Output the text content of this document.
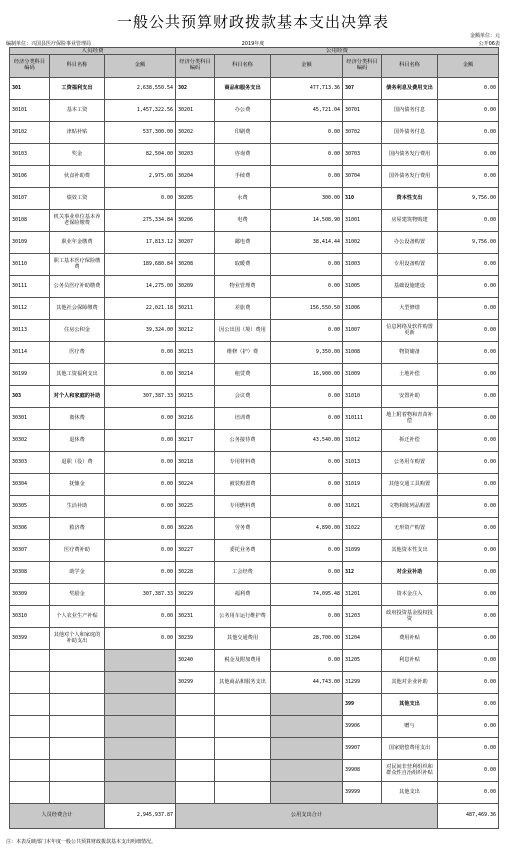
一般公共预算财政拨款基本支出决算表
金额单位：元
编制单位：兴国县医疗保险事业管理局	2019年度	公开06表
人员经费			公用经费					
经济分类科目编码	科目名称	金额	经济分类科目编码	科目名称	金额	经济分类科目编码	科目名称	金额
301	工资福利支出	2,638,550.54	302	商品和服务支出	477,713.36	307	债务利息及费用支出	0.00
30101	基本工资	1,457,322.56	30201	办公费	45,721.04	30701	国内债务付息	0.00
30102	津贴补贴	537,300.00	30202	印刷费	0.00	30702	国外债务付息	0.00
30103	奖金	82,504.00	30203	咨询费	0.00	30703	国内债务发行费用	0.00
30106	伙食补助费	2,975.00	30204	手续费	0.00	30704	国外债务发行费用	0.00
30107	绩效工资	0.00	30205	水费	300.00	310	资本性支出	9,756.00
30108	机关事业单位基本养老保险缴费	275,334.84	30206	电费	14,508.90	31001	房屋建筑物购建	0.00
30109	职业年金缴费	17,813.12	30207	邮电费	38,414.44	31002	办公设备购置	9,756.00
30110	职工基本医疗保险缴费	189,680.84	30208	取暖费	0.00	31003	专用设备购置	0.00
30111	公务员医疗补助缴费	14,275.00	30209	物业管理费	0.00	31005	基础设施建设	0.00
30112	其他社会保障缴费	22,021.18	30211	差旅费	156,550.50	31006	大型修缮	0.00
30113	住房公积金	39,324.00	30212	因公出国（境）费用	0.00	31007	信息网络及软件购置更新	0.00
30114	医疗费	0.00	30213	维修（护）费	9,350.00	31008	物资储备	0.00
30199	其他工资福利支出	0.00	30214	租赁费	16,900.00	31009	土地补偿	0.00
303	对个人和家庭的补助	307,387.33	30215	会议费	0.00	31010	安置补助	0.00
30301	离休费	0.00	30216	培训费	0.00	310111	地上附着物和青苗补偿	0.00
30302	退休费	0.00	30217	公务接待费	43,540.00	31012	拆迁补偿	0.00
30303	退职（役）费	0.00	30218	专用材料费	0.00	31013	公务用车购置	0.00
30304	抚恤金	0.00	30224	被装购置费	0.00	31019	其他交通工具购置	0.00
30305	生活补助	0.00	30225	专用燃料费	0.00	31021	文物和陈列品购置	0.00
30306	救济费	0.00	30226	劳务费	4,890.00	31022	无形资产购置	0.00
30307	医疗费补助	0.00	30227	委托业务费	0.00	31099	其他资本性支出	0.00
30308	助学金	0.00	30228	工会经费	0.00	312	对企业补助	0.00
30309	奖励金	307,387.33	30229	福利费	74,095.48	31201	资本金注入	0.00
30310	个人农业生产补贴	0.00	30231	公务用车运行维护费	0.00	31203	政府投资基金股权投资	0.00
30399	其他对个人和家庭的补助支出	0.00	30239	其他交通费用	28,700.00	31204	费用补贴	0.00
			30240	税金及附加费用	0.00	31205	利息补贴	0.00
			30299	其他商品和服务支出	44,743.00	31299	其他对企业补助	0.00
						399	其他支出	0.00
						39906	赠与	0.00
						39907	国家赔偿费用支出	0.00
						39908	对民间非营利组织和群众性自治组织补贴	0.00
						39999	其他支出	0.00
人员经费合计		2,945,937.87	公用支出合计					487,469.36
注：本表反映部门本年度一般公共预算财政拨款基本支出明细情况。
